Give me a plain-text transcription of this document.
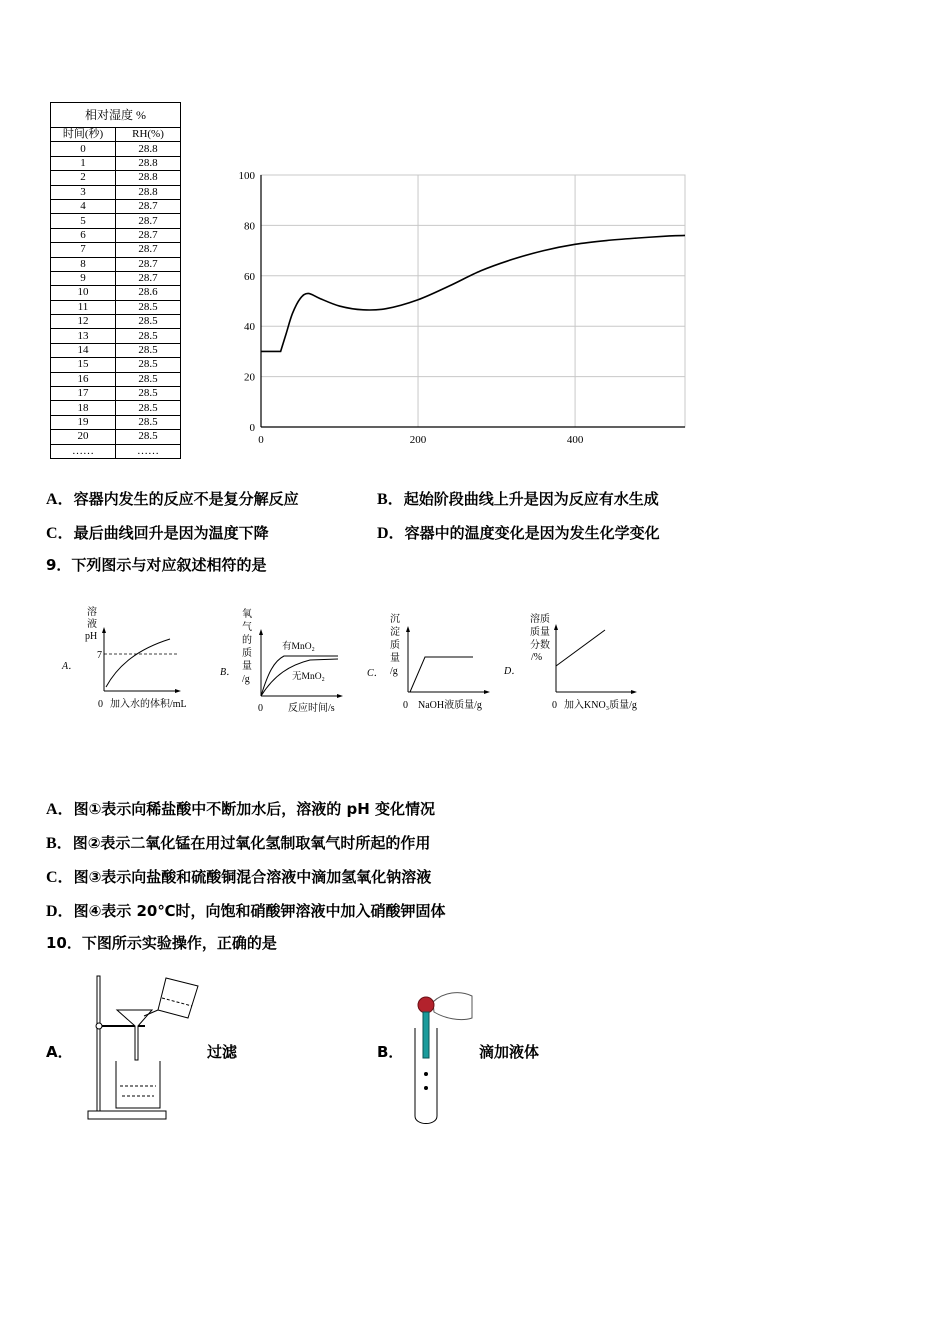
相对湿度 %	
时间(秒)	RH(%)
0	28.8
1	28.8
2	28.8
3	28.8
4	28.7
5	28.7
6	28.7
7	28.7
8	28.7
9	28.7
10	28.6
11	28.5
12	28.5
13	28.5
14	28.5
15	28.5
16	28.5
17	28.5
18	28.5
19	28.5
20	28.5
……	……
0
20
40
60
80
100
0	200	400
A．容器内发生的反应不是复分解反应	B．起始阶段曲线上升是因为反应有水生成
C．最后曲线回升是因为温度下降	D．容器中的温度变化是因为发生化学变化
9．下列图示与对应叙述相符的是
A．
溶
液
pH
7
0 加入水的体积/mL
B．
氧
气
的
质
量
/g
有MnO₂
无MnO₂
0	反应时间/s
C．
沉
淀
质
量
/g
0 NaOH液质量/g
D．
溶质
质量
分数
/%
0 加入KNO₃质量/g
A．图①表示向稀盐酸中不断加水后，溶液的 pH 变化情况
B．图②表示二氧化锰在用过氧化氢制取氧气时所起的作用
C．图③表示向盐酸和硫酸铜混合溶液中滴加氢氧化钠溶液
D．图④表示 20℃时，向饱和硝酸钾溶液中加入硝酸钾固体
10．下图所示实验操作，正确的是
A．	过滤	B．	滴加液体
